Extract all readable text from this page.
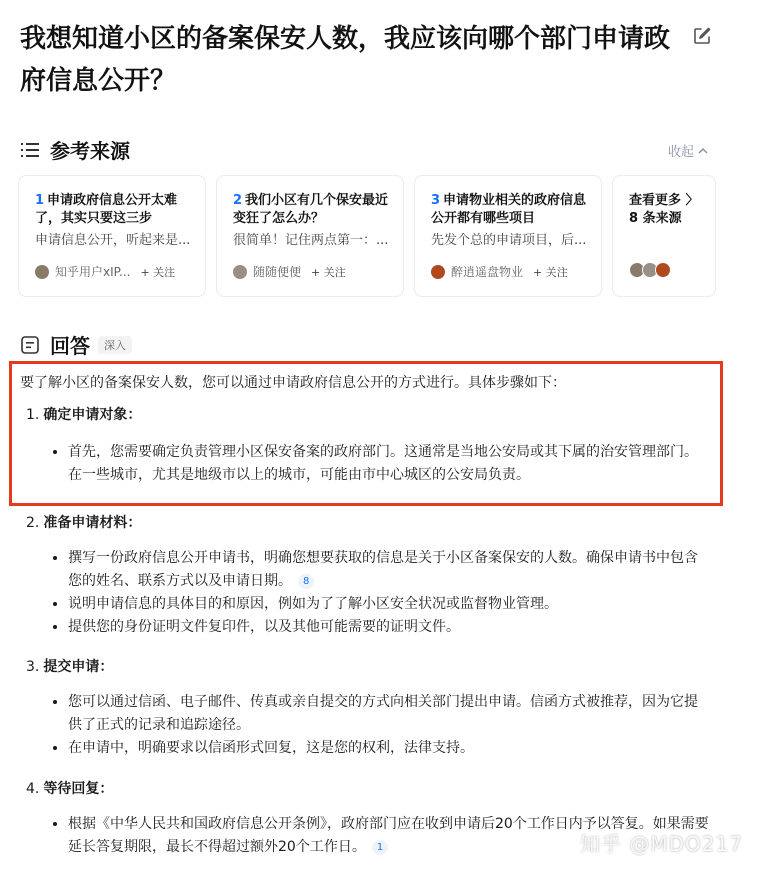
我想知道小区的备案保安人数，我应该向哪个部门申请政府信息公开？
参考来源	收起
1 申请政府信息公开太难了，其实只要这三步
申请信息公开，听起来是...
知乎用户xIP... + 关注
2 我们小区有几个保安最近变狂了怎么办？
很简单！记住两点第一：...
随随便便 + 关注
3 申请物业相关的政府信息公开都有哪些项目
先发个总的申请项目，后...
醉逍遥盘物业 + 关注
查看更多 〉
8 条来源
回答	深入
要了解小区的备案保安人数，您可以通过申请政府信息公开的方式进行。具体步骤如下：
1. 确定申请对象：
• 首先，您需要确定负责管理小区保安备案的政府部门。这通常是当地公安局或其下属的治安管理部门。在一些城市，尤其是地级市以上的城市，可能由市中心城区的公安局负责。
2. 准备申请材料：
• 撰写一份政府信息公开申请书，明确您想要获取的信息是关于小区备案保安的人数。确保申请书中包含您的姓名、联系方式以及申请日期。 8
• 说明申请信息的具体目的和原因，例如为了了解小区安全状况或监督物业管理。
• 提供您的身份证明文件复印件，以及其他可能需要的证明文件。
3. 提交申请：
• 您可以通过信函、电子邮件、传真或亲自提交的方式向相关部门提出申请。信函方式被推荐，因为它提供了正式的记录和追踪途径。
• 在申请中，明确要求以信函形式回复，这是您的权利，法律支持。
4. 等待回复：
• 根据《中华人民共和国政府信息公开条例》，政府部门应在收到申请后20个工作日内予以答复。如果需要延长答复期限，最长不得超过额外20个工作日。 1	知乎 @MDO217
